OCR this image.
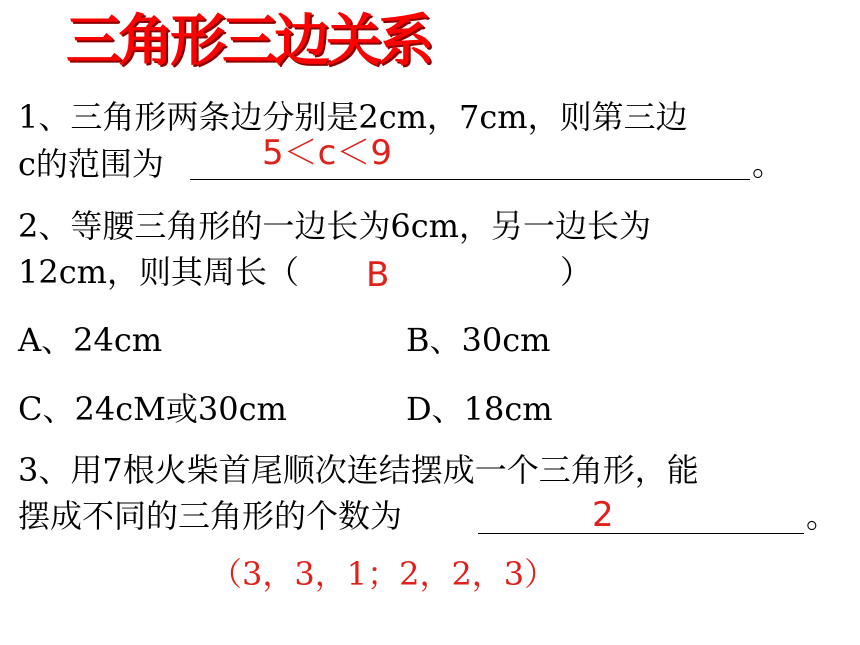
三角形三边关系
1、三角形两条边分别是2cm，7cm，则第三边
c的范围为	5＜c＜9	。
2、等腰三角形的一边长为6cm，另一边长为
12cm，则其周长（ B	）
A、24cm	B、30cm
C、24cM或30cm	D、18cm
3、用7根火柴首尾顺次连结摆成一个三角形，能
摆成不同的三角形的个数为	2	。
（3，3，1；2，2，3）
